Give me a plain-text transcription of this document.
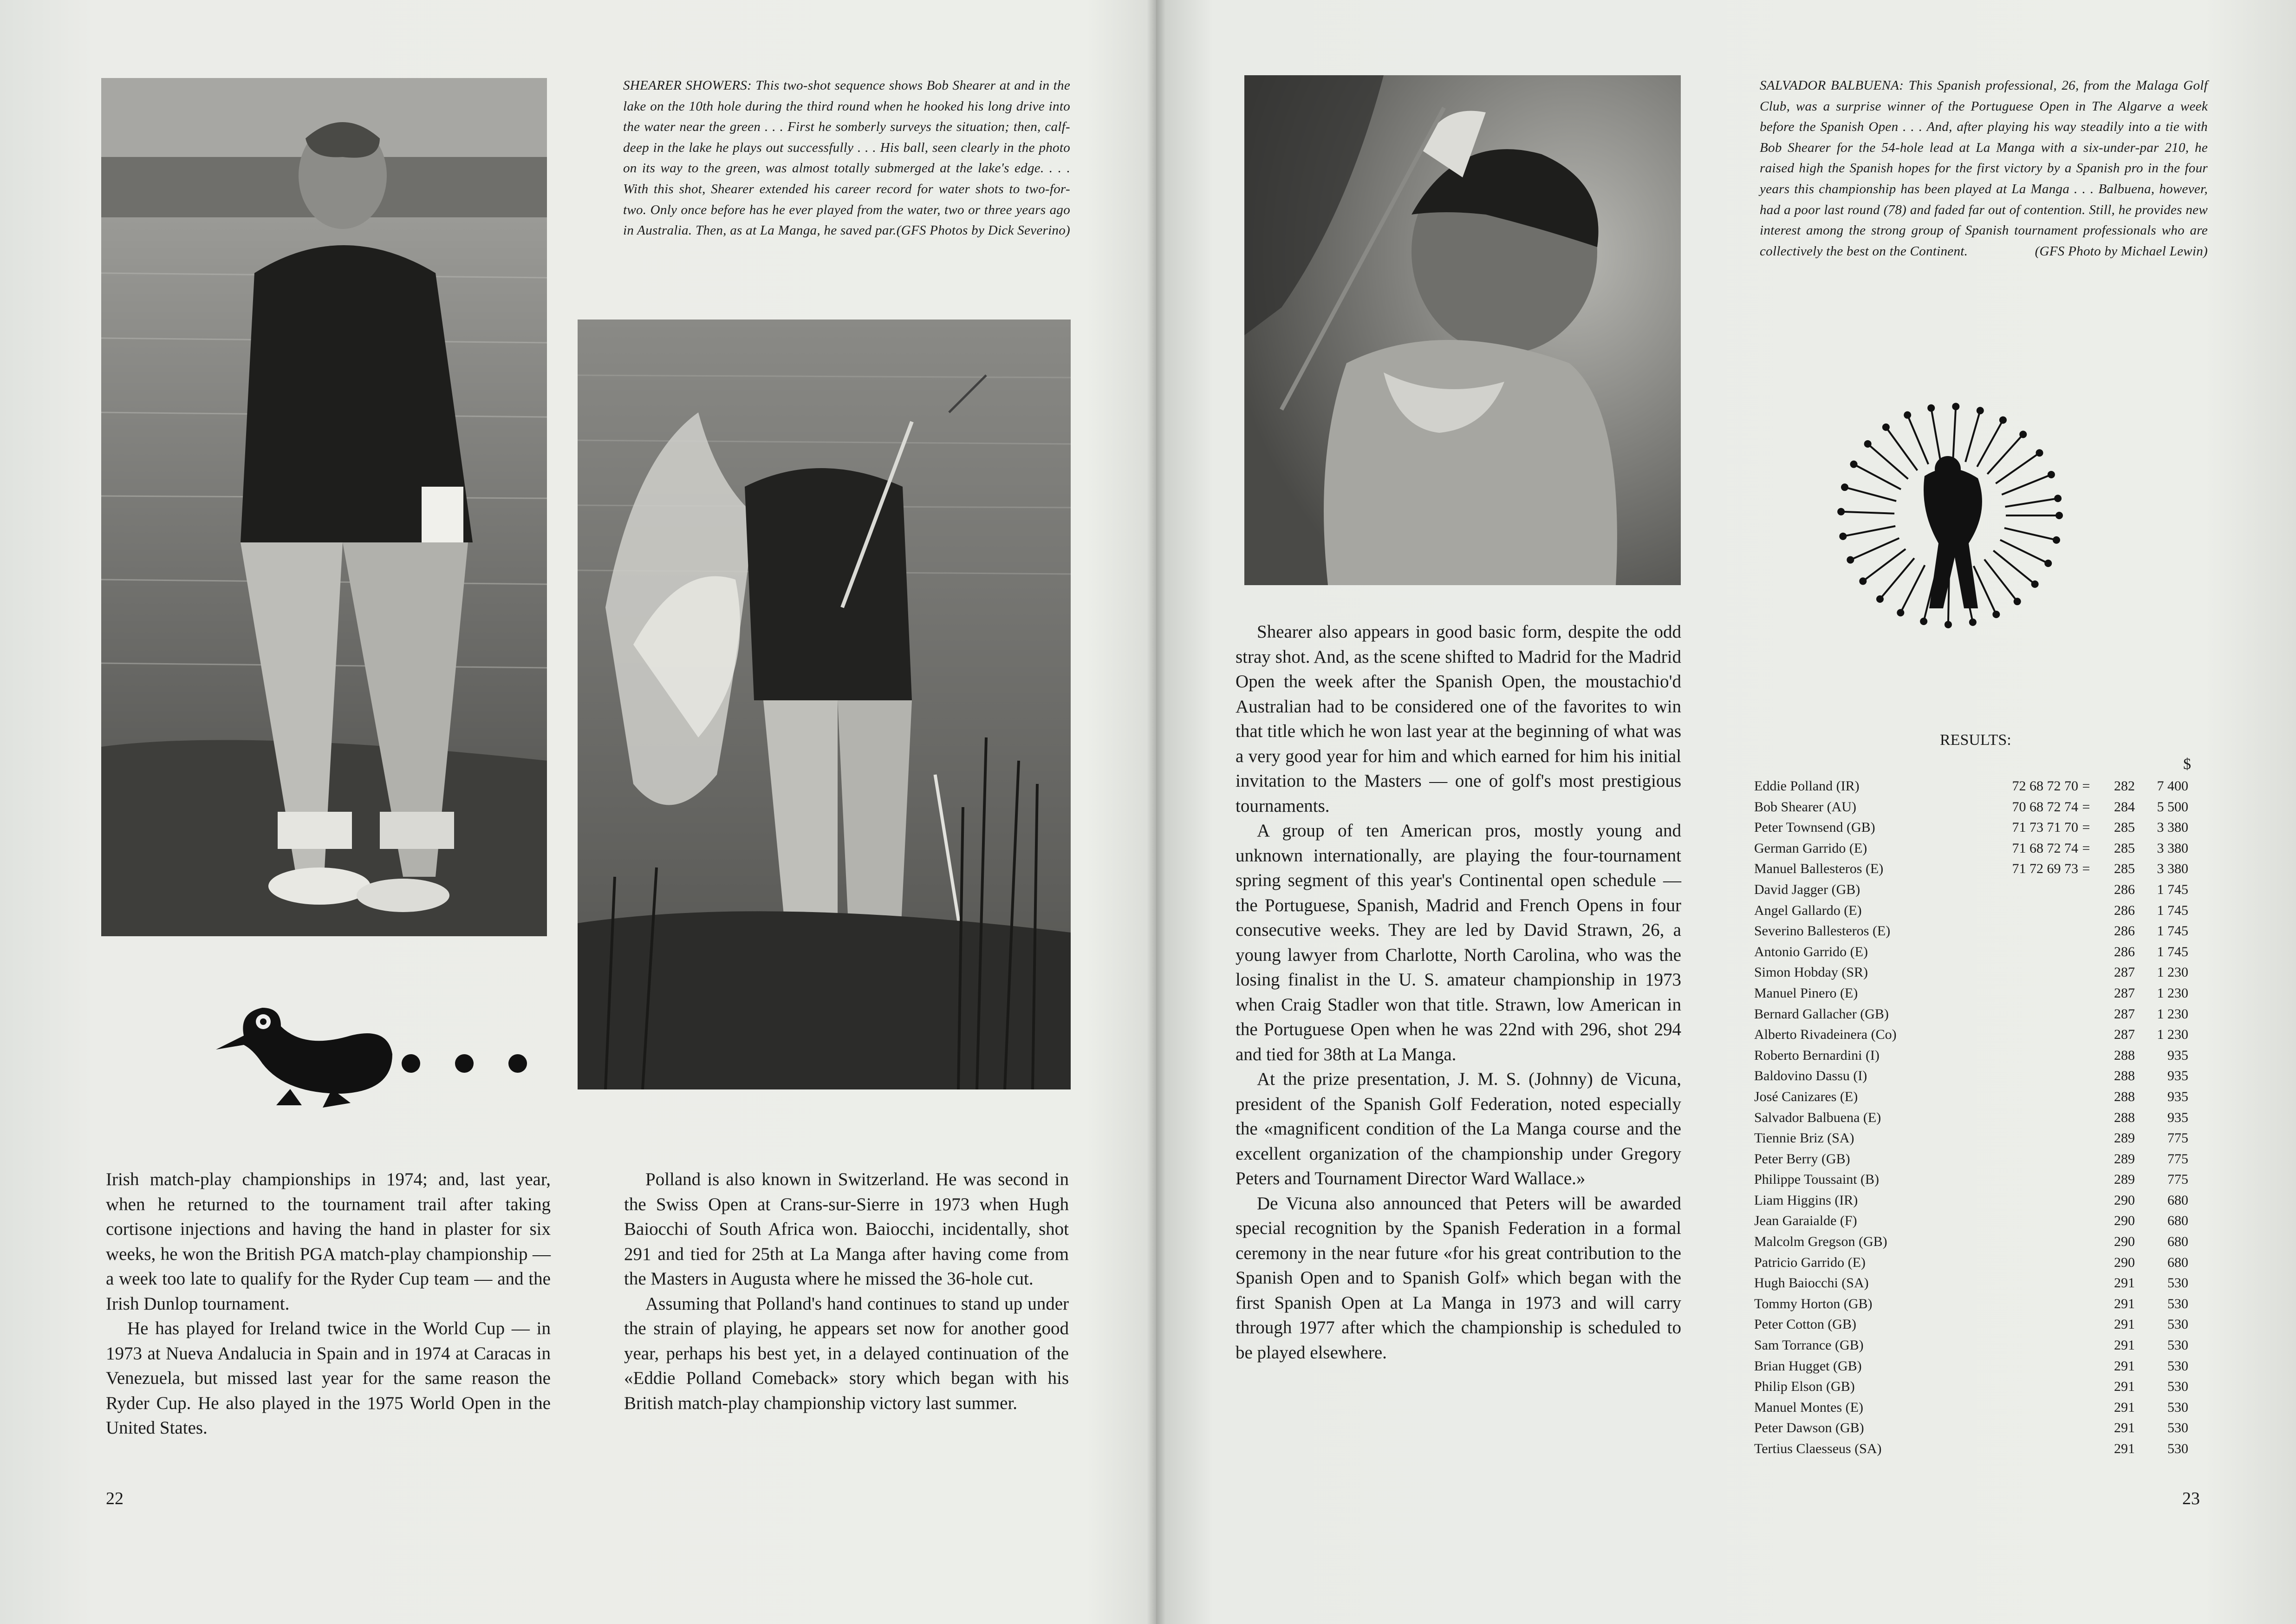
SHEARER SHOWERS: This two-shot sequence shows Bob Shearer at and in the lake on the 10th hole during the third round when he hooked his long drive into the water near the green . . . First he somberly surveys the situation; then, calf-deep in the lake he plays out successfully . . . His ball, seen clearly in the photo on its way to the green, was almost totally submerged at the lake's edge. . . . With this shot, Shearer extended his career record for water shots to two-for-two. Only once before has he ever played from the water, two or three years ago in Australia. Then, as at La Manga, he saved par. (GFS Photos by Dick Severino)

Irish match-play championships in 1974; and, last year, when he returned to the tournament trail after taking cortisone injections and having the hand in plaster for six weeks, he won the British PGA match-play championship — a week too late to qualify for the Ryder Cup team — and the Irish Dunlop tournament.

He has played for Ireland twice in the World Cup — in 1973 at Nueva Andalucia in Spain and in 1974 at Caracas in Venezuela, but missed last year for the same reason the Ryder Cup. He also played in the 1975 World Open in the United States.

Polland is also known in Switzerland. He was second in the Swiss Open at Crans-sur-Sierre in 1973 when Hugh Baiocchi of South Africa won. Baiocchi, incidentally, shot 291 and tied for 25th at La Manga after having come from the Masters in Augusta where he missed the 36-hole cut.

Assuming that Polland's hand continues to stand up under the strain of playing, he appears set now for another good year, perhaps his best yet, in a delayed continuation of the «Eddie Polland Comeback» story which began with his British match-play championship victory last summer.

22

SALVADOR BALBUENA: This Spanish professional, 26, from the Malaga Golf Club, was a surprise winner of the Portuguese Open in The Algarve a week before the Spanish Open . . . And, after playing his way steadily into a tie with Bob Shearer for the 54-hole lead at La Manga with a six-under-par 210, he raised high the Spanish hopes for the first victory by a Spanish pro in the four years this championship has been played at La Manga . . . Balbuena, however, had a poor last round (78) and faded far out of contention. Still, he provides new interest among the strong group of Spanish tournament professionals who are collectively the best on the Continent.	(GFS Photo by Michael Lewin)

Shearer also appears in good basic form, despite the odd stray shot. And, as the scene shifted to Madrid for the Madrid Open the week after the Spanish Open, the moustachio'd Australian had to be considered one of the favorites to win that title which he won last year at the beginning of what was a very good year for him and which earned for him his initial invitation to the Masters — one of golf's most prestigious tournaments.

A group of ten American pros, mostly young and unknown internationally, are playing the four-tournament spring segment of this year's Continental open schedule — the Portuguese, Spanish, Madrid and French Opens in four consecutive weeks. They are led by David Strawn, 26, a young lawyer from Charlotte, North Carolina, who was the losing finalist in the U. S. amateur championship in 1973 when Craig Stadler won that title. Strawn, low American in the Portuguese Open when he was 22nd with 296, shot 294 and tied for 38th at La Manga.

At the prize presentation, J. M. S. (Johnny) de Vicuna, president of the Spanish Golf Federation, noted especially the «magnificent condition of the La Manga course and the excellent organization of the championship under Gregory Peters and Tournament Director Ward Wallace.»

De Vicuna also announced that Peters will be awarded special recognition by the Spanish Federation in a formal ceremony in the near future «for his great contribution to the Spanish Open and to Spanish Golf» which began with the first Spanish Open at La Manga in 1973 and will carry through 1977 after which the championship is scheduled to be played elsewhere.

23
RESULTS:
$
Eddie Polland (IR)	72 68 72 70	=	282	7 400
Bob Shearer (AU)	70 68 72 74	=	284	5 500
Peter Townsend (GB)	71 73 71 70	=	285	3 380
German Garrido (E)	71 68 72 74	=	285	3 380
Manuel Ballesteros (E)	71 72 69 73	=	285	3 380
David Jagger (GB)			286	1 745
Angel Gallardo (E)			286	1 745
Severino Ballesteros (E)			286	1 745
Antonio Garrido (E)			286	1 745
Simon Hobday (SR)			287	1 230
Manuel Pinero (E)			287	1 230
Bernard Gallacher (GB)			287	1 230
Alberto Rivadeinera (Co)			287	1 230
Roberto Bernardini (I)			288	935
Baldovino Dassu (I)			288	935
José Canizares (E)			288	935
Salvador Balbuena (E)			288	935
Tiennie Briz (SA)			289	775
Peter Berry (GB)			289	775
Philippe Toussaint (B)			289	775
Liam Higgins (IR)			290	680
Jean Garaialde (F)			290	680
Malcolm Gregson (GB)			290	680
Patricio Garrido (E)			290	680
Hugh Baiocchi (SA)			291	530
Tommy Horton (GB)			291	530
Peter Cotton (GB)			291	530
Sam Torrance (GB)			291	530
Brian Hugget (GB)			291	530
Philip Elson (GB)			291	530
Manuel Montes (E)			291	530
Peter Dawson (GB)			291	530
Tertius Claesseus (SA)			291	530
